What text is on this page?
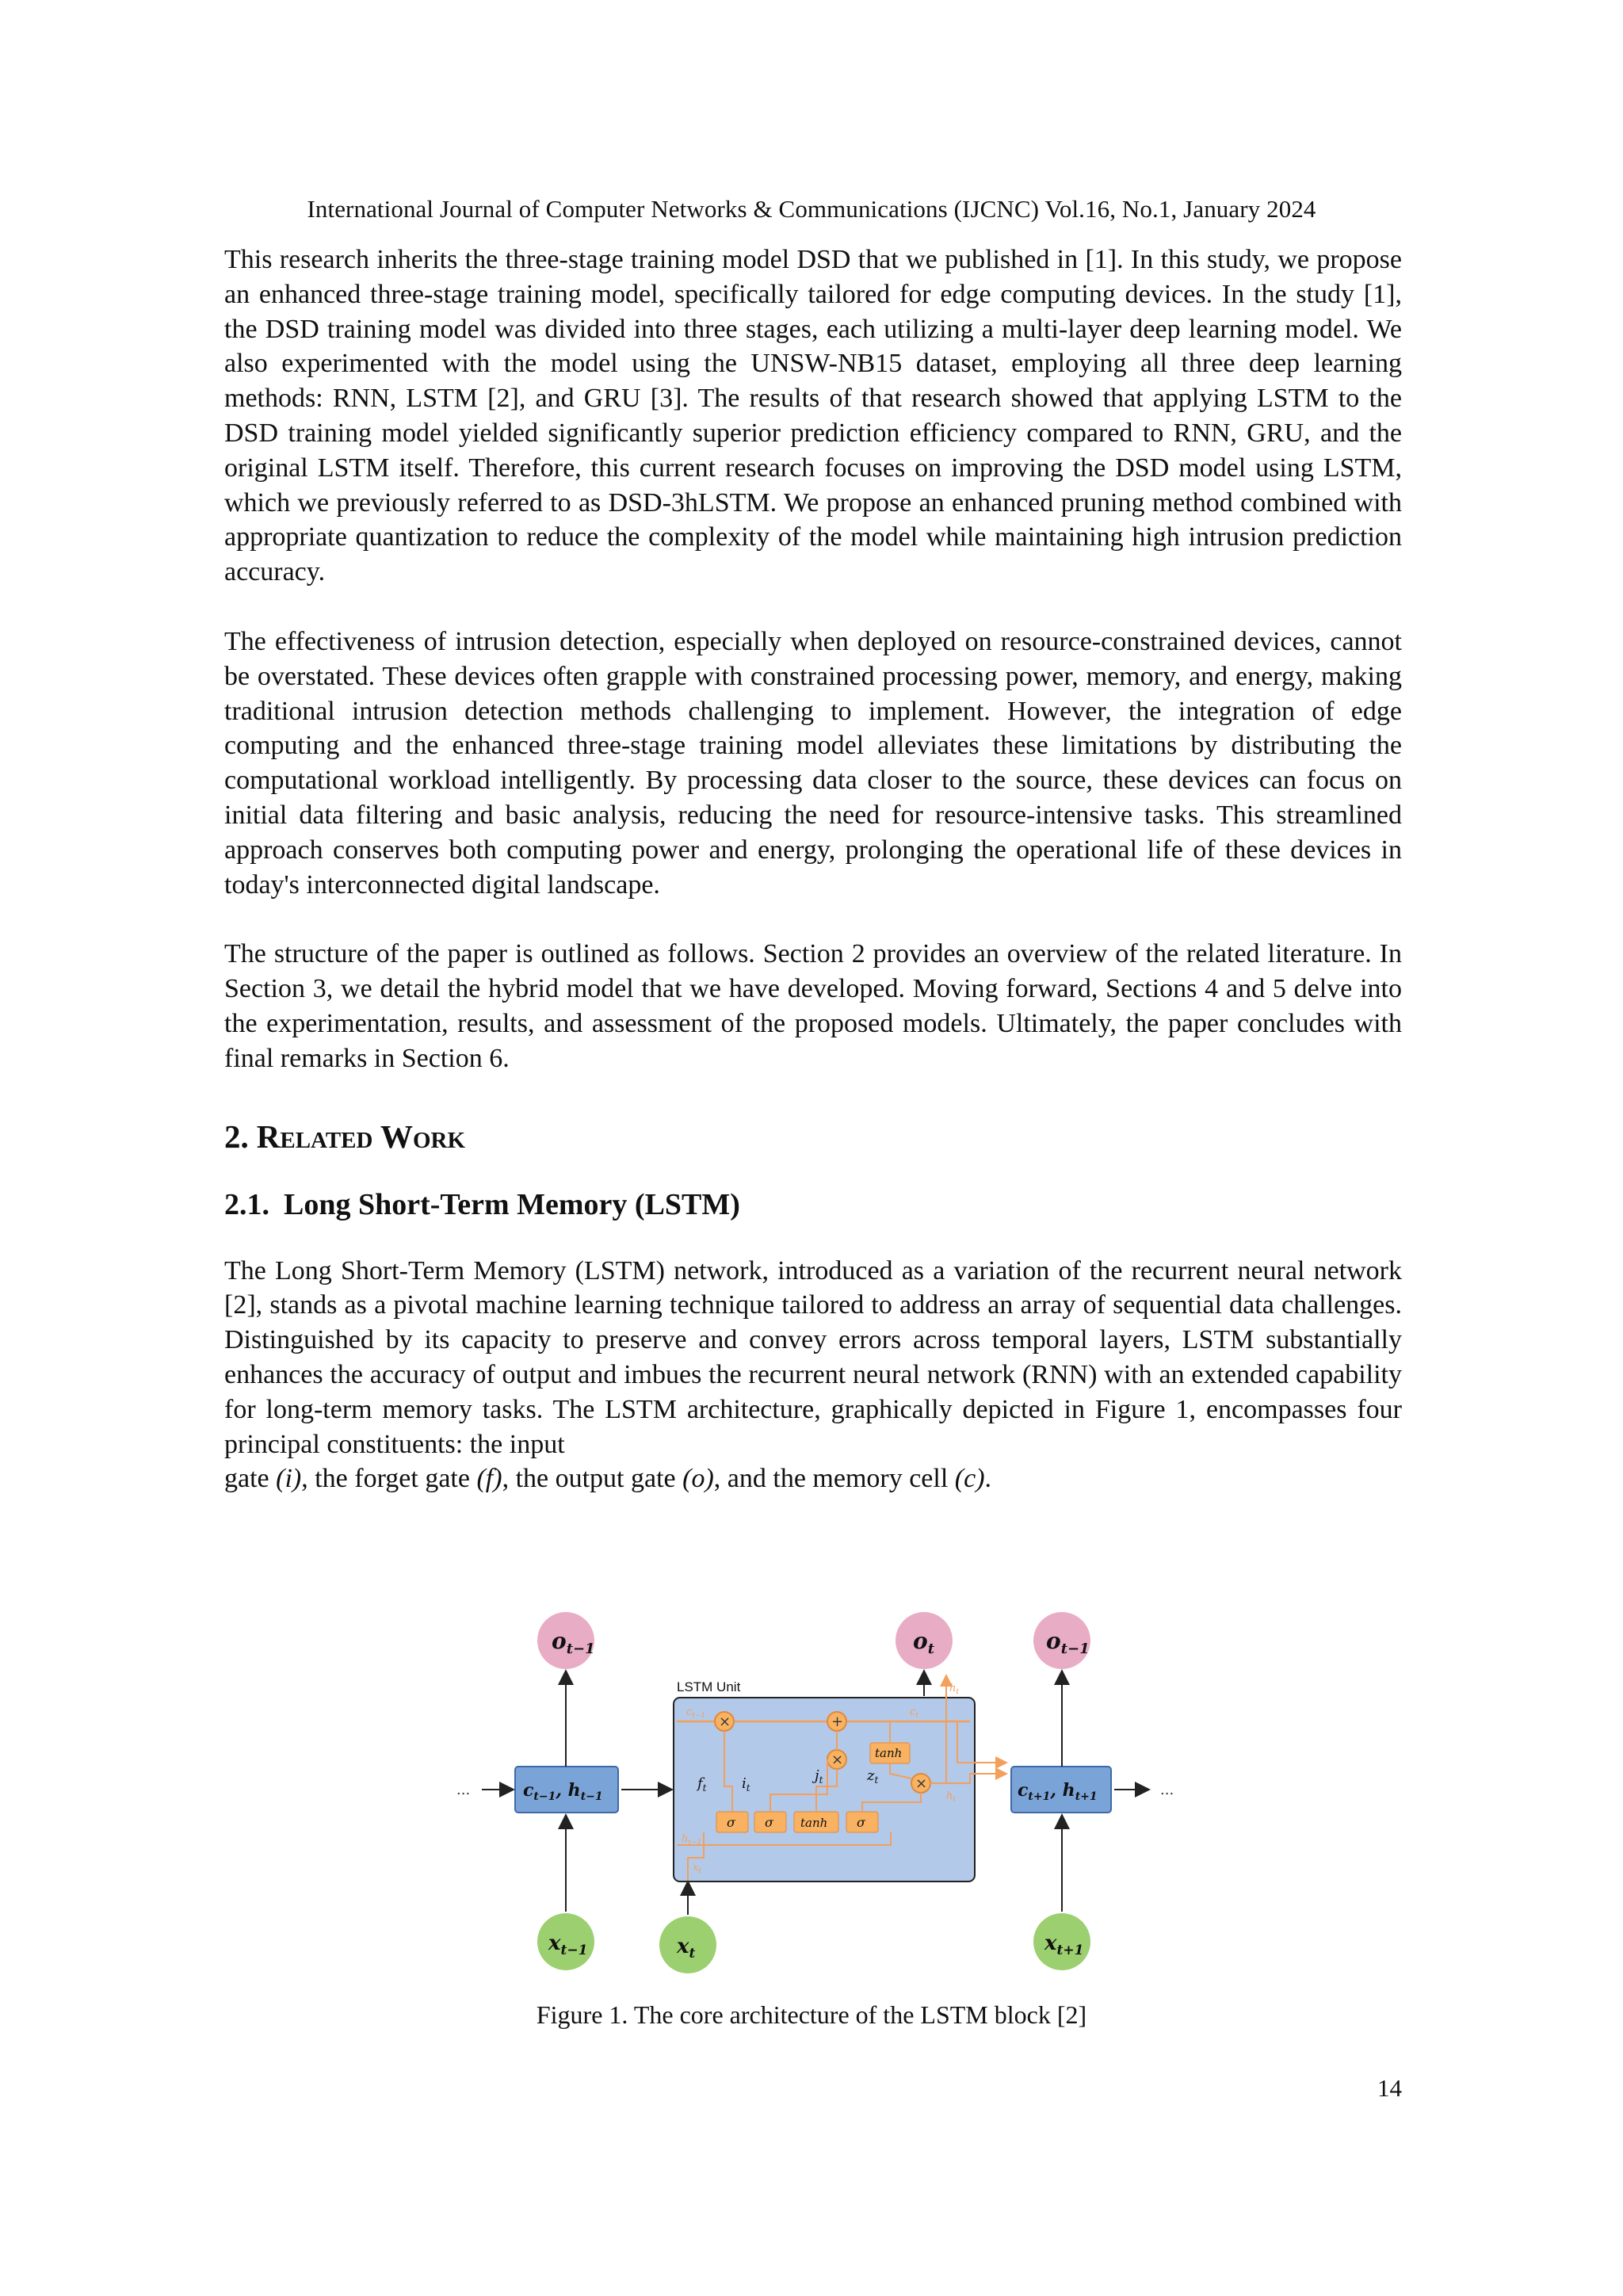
International Journal of Computer Networks & Communications (IJCNC) Vol.16, No.1, January 2024

This research inherits the three-stage training model DSD that we published in [1]. In this study, we propose an enhanced three-stage training model, specifically tailored for edge computing devices. In the study [1], the DSD training model was divided into three stages, each utilizing a multi-layer deep learning model. We also experimented with the model using the UNSW-NB15 dataset, employing all three deep learning methods: RNN, LSTM [2], and GRU [3]. The results of that research showed that applying LSTM to the DSD training model yielded significantly superior prediction efficiency compared to RNN, GRU, and the original LSTM itself. Therefore, this current research focuses on improving the DSD model using LSTM, which we previously referred to as DSD-3hLSTM. We propose an enhanced pruning method combined with appropriate quantization to reduce the complexity of the model while maintaining high intrusion prediction accuracy.

The effectiveness of intrusion detection, especially when deployed on resource-constrained devices, cannot be overstated. These devices often grapple with constrained processing power, memory, and energy, making traditional intrusion detection methods challenging to implement. However, the integration of edge computing and the enhanced three-stage training model alleviates these limitations by distributing the computational workload intelligently. By processing data closer to the source, these devices can focus on initial data filtering and basic analysis, reducing the need for resource-intensive tasks. This streamlined approach conserves both computing power and energy, prolonging the operational life of these devices in today's interconnected digital landscape.

The structure of the paper is outlined as follows. Section 2 provides an overview of the related literature. In Section 3, we detail the hybrid model that we have developed. Moving forward, Sections 4 and 5 delve into the experimentation, results, and assessment of the proposed models. Ultimately, the paper concludes with final remarks in Section 6.

2. Related Work
2.1. Long Short-Term Memory (LSTM)

The Long Short-Term Memory (LSTM) network, introduced as a variation of the recurrent neural network [2], stands as a pivotal machine learning technique tailored to address an array of sequential data challenges. Distinguished by its capacity to preserve and convey errors across temporal layers, LSTM substantially enhances the accuracy of output and imbues the recurrent neural network (RNN) with an extended capability for long-term memory tasks. The LSTM architecture, graphically depicted in Figure 1, encompasses four principal constituents: the input
gate (i), the forget gate (f), the output gate (o), and the memory cell (c).

$o_{t-1}$	$o_t$	$o_{t-1}$
LSTM Unit
$c_{t-1}$	$c_t$
×	+
×
×
tanh
σ σ tanh σ
$h_t$
$h_t$
$h_{t-1}$
$x_t$
$f_t$ $i_t$
$j_t$	$z_t$
$c_{t-1}$, $h_{t-1}$	$c_{t+1}$, $h_{t+1}$
...	...
$x_{t-1}$	$x_t$	$x_{t+1}$
Figure 1. The core architecture of the LSTM block [2]
14
